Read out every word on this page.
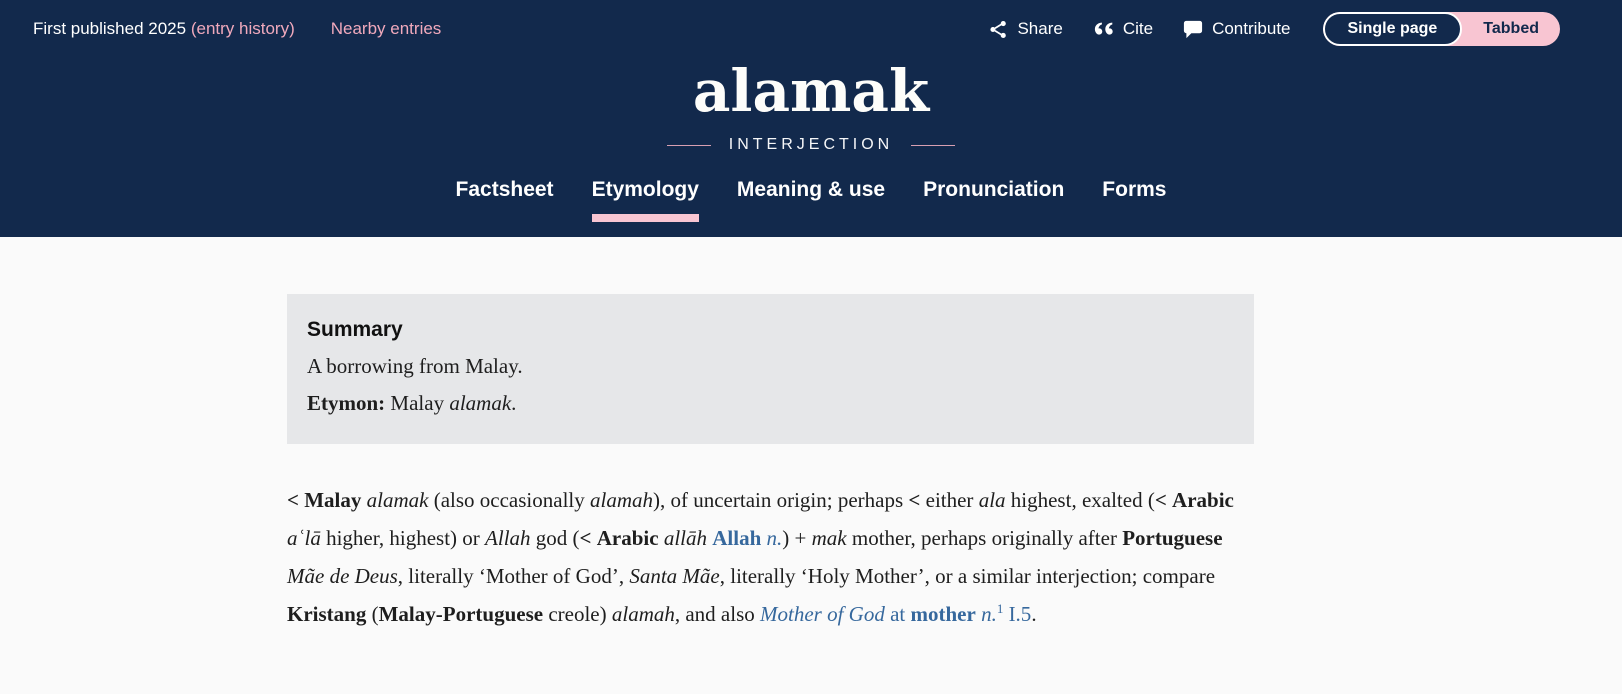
First published 2025 (entry history) Nearby entries	Share	Cite	Contribute	Single page	Tabbed
alamak
INTERJECTION
Factsheet Etymology Meaning & use Pronunciation Forms
Summary

A borrowing from Malay.

Etymon: Malay alamak.

< Malay alamak (also occasionally alamah), of uncertain origin; perhaps < either ala highest, exalted (< Arabic aʿlā higher, highest) or Allah god (< Arabic allāh Allah n.) + mak mother, perhaps originally after Portuguese Mãe de Deus, literally ‘Mother of God’, Santa Mãe, literally ‘Holy Mother’, or a similar interjection; compare Kristang (Malay-Portuguese creole) alamah, and also Mother of God at mother n.$^1$ I.5.
